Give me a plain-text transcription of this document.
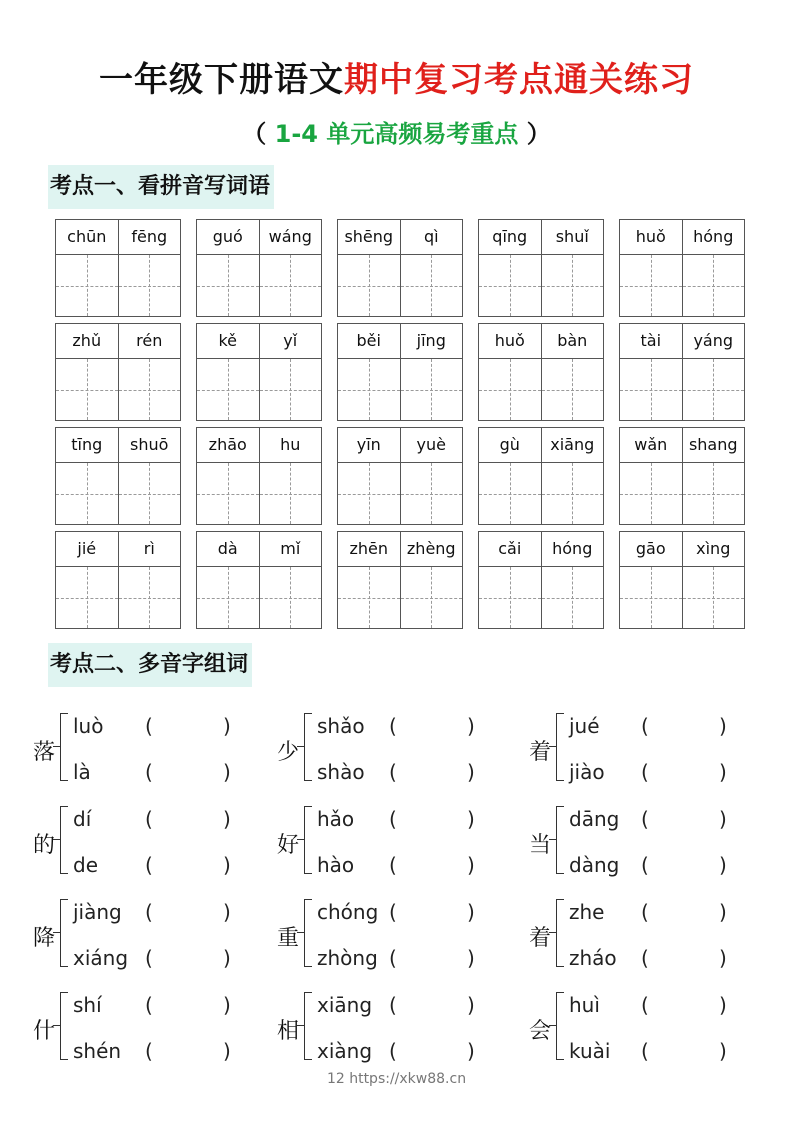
一年级下册语文期中复习考点通关练习
（ 1-4 单元高频易考重点 ）
考点一、看拼音写词语
chūn	fēng	guó	wáng	shēng	qì	qīng	shuǐ	huǒ	hóng
zhǔ	rén	kě	yǐ	běi	jīng	huǒ	bàn	tài	yáng
tīng	shuō	zhāo	hu	yīn	yuè	gù	xiāng	wǎn	shang
jié	rì	dà	mǐ	zhēn	zhèng	cǎi	hóng	gāo	xìng
考点二、多音字组词
落
luò (	)
là	(	)
少
shǎo (	)
shào (	)
着
jué (	)
jiào (	)
的
dí	(	)
de (	)
好
hǎo (	)
hào (	)
当
dāng (	)
dàng (	)
降
jiàng (	)
xiáng (	)
重
chóng (	)
zhòng (	)
着
zhe (	)
zháo (	)
什
shí (	)
shén (	)
相
xiāng (	)
xiàng (	)
会
huì (	)
kuài (	)
12 https://xkw88.cn
